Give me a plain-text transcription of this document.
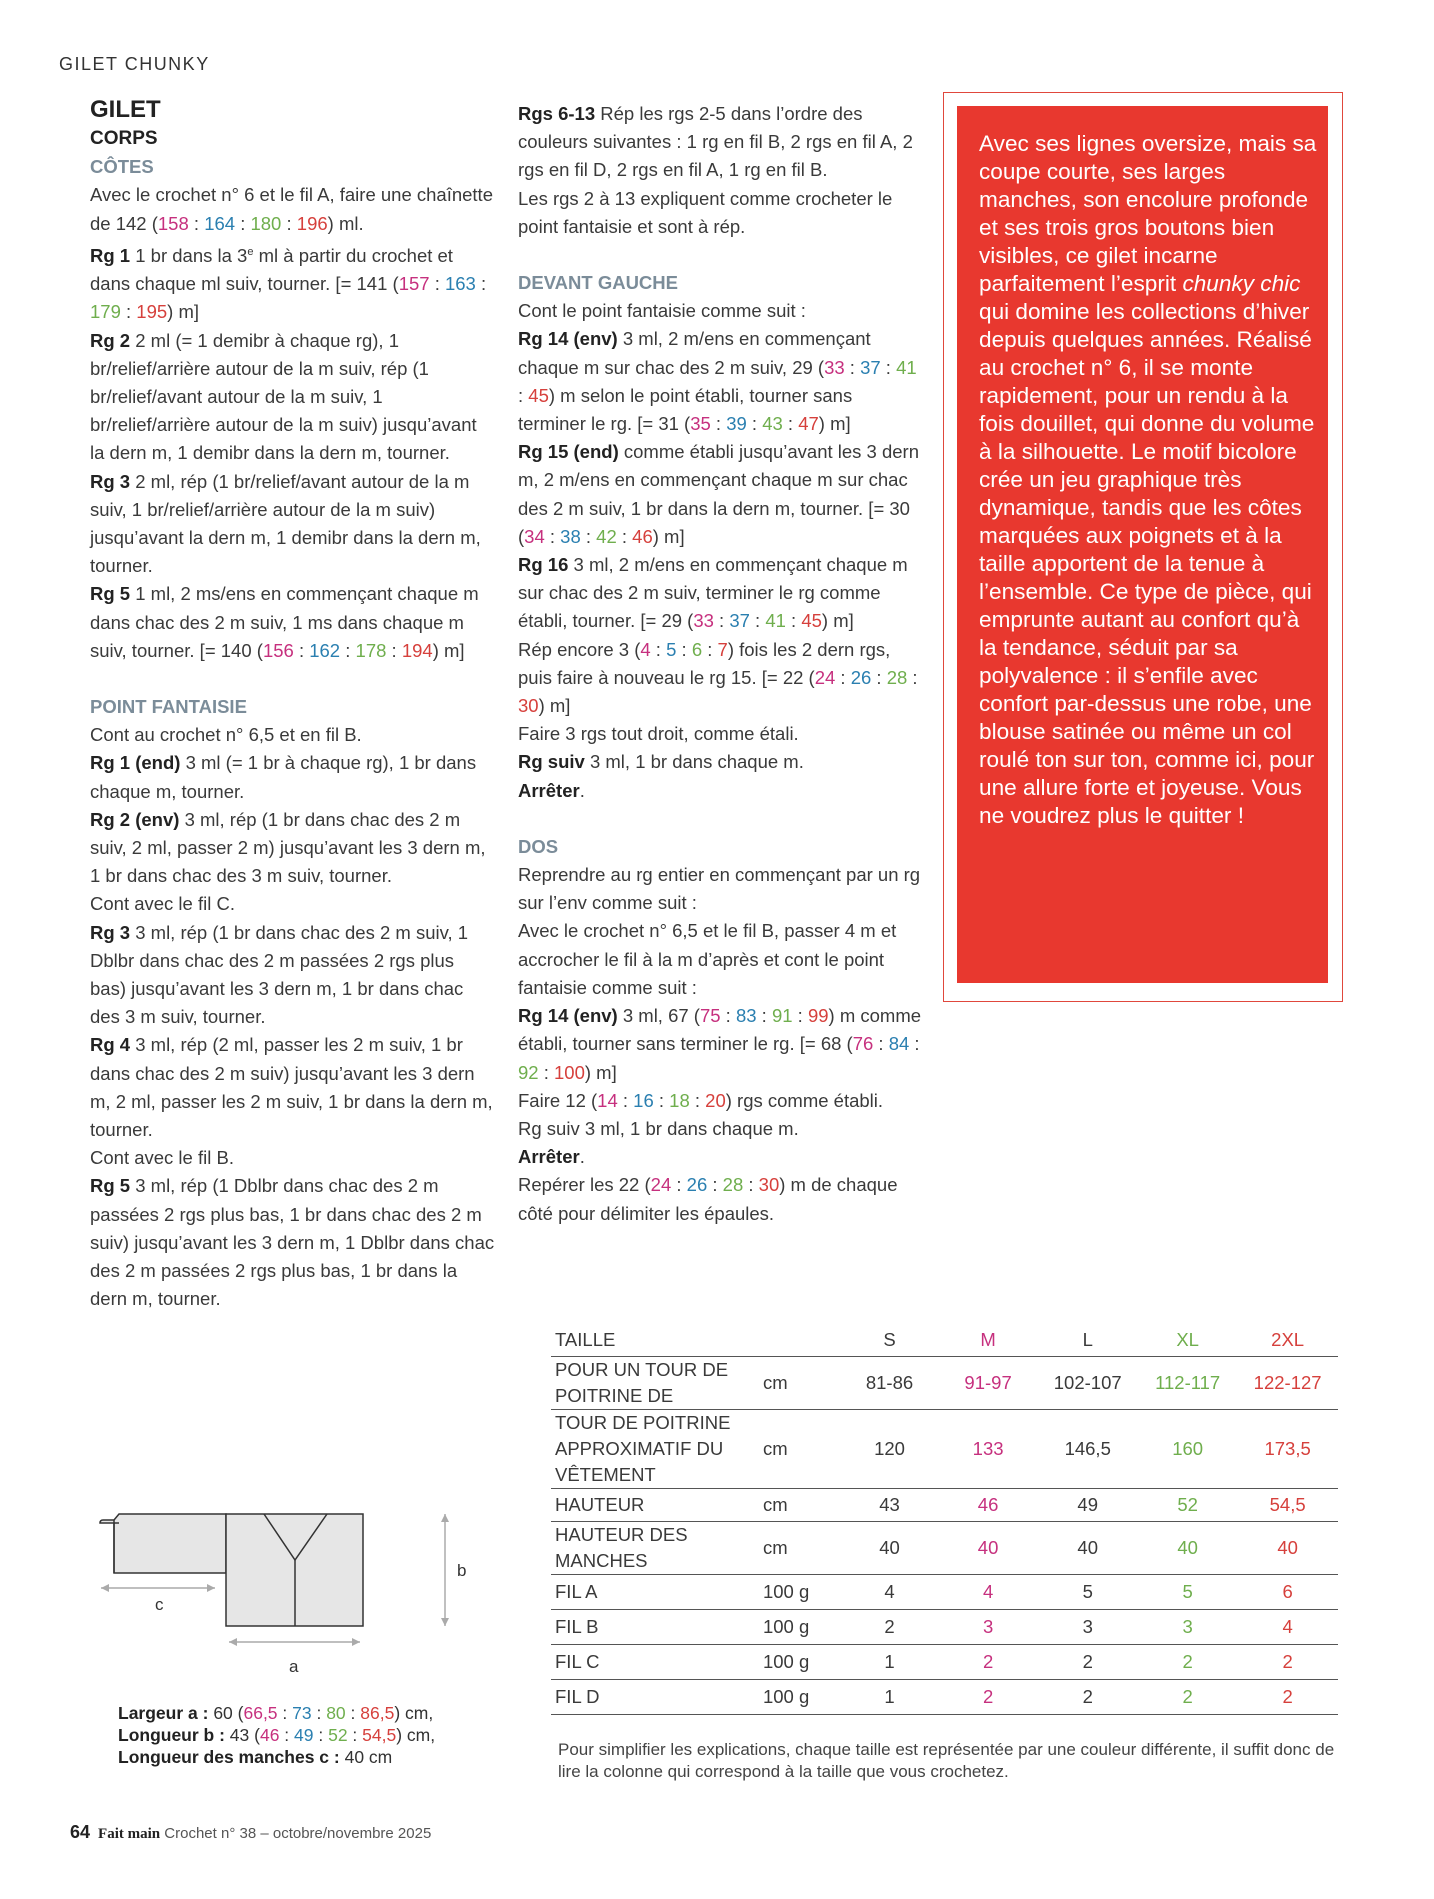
GILET CHUNKY

GILET

CORPS

CÔTES

Avec le crochet n° 6 et le fil A, faire une chaînette de 142 (158 : 164 : 180 : 196) ml.

Rg 1 1 br dans la 3e ml à partir du crochet et dans chaque ml suiv, tourner. [= 141 (157 : 163 : 179 : 195) m]

Rg 2 2 ml (= 1 demibr à chaque rg), 1 br/relief/arrière autour de la m suiv, rép (1 br/relief/avant autour de la m suiv, 1 br/relief/arrière autour de la m suiv) jusqu’avant la dern m, 1 demibr dans la dern m, tourner.

Rg 3 2 ml, rép (1 br/relief/avant autour de la m suiv, 1 br/relief/arrière autour de la m suiv) jusqu’avant la dern m, 1 demibr dans la dern m, tourner.

Rg 5 1 ml, 2 ms/ens en commençant chaque m dans chac des 2 m suiv, 1 ms dans chaque m suiv, tourner. [= 140 (156 : 162 : 178 : 194) m]

POINT FANTAISIE

Cont au crochet n° 6,5 et en fil B.

Rg 1 (end) 3 ml (= 1 br à chaque rg), 1 br dans chaque m, tourner.

Rg 2 (env) 3 ml, rép (1 br dans chac des 2 m suiv, 2 ml, passer 2 m) jusqu’avant les 3 dern m, 1 br dans chac des 3 m suiv, tourner.

Cont avec le fil C.

Rg 3 3 ml, rép (1 br dans chac des 2 m suiv, 1 Dblbr dans chac des 2 m passées 2 rgs plus bas) jusqu’avant les 3 dern m, 1 br dans chac des 3 m suiv, tourner.

Rg 4 3 ml, rép (2 ml, passer les 2 m suiv, 1 br dans chac des 2 m suiv) jusqu’avant les 3 dern m, 2 ml, passer les 2 m suiv, 1 br dans la dern m, tourner.

Cont avec le fil B.

Rg 5 3 ml, rép (1 Dblbr dans chac des 2 m passées 2 rgs plus bas, 1 br dans chac des 2 m suiv) jusqu’avant les 3 dern m, 1 Dblbr dans chac des 2 m passées 2 rgs plus bas, 1 br dans la dern m, tourner.

Rgs 6-13 Rép les rgs 2-5 dans l’ordre des couleurs suivantes : 1 rg en fil B, 2 rgs en fil A, 2 rgs en fil D, 2 rgs en fil A, 1 rg en fil B.

Les rgs 2 à 13 expliquent comme crocheter le point fantaisie et sont à rép.

DEVANT GAUCHE

Cont le point fantaisie comme suit :

Rg 14 (env) 3 ml, 2 m/ens en commençant chaque m sur chac des 2 m suiv, 29 (33 : 37 : 41 : 45) m selon le point établi, tourner sans terminer le rg. [= 31 (35 : 39 : 43 : 47) m]

Rg 15 (end) comme établi jusqu’avant les 3 dern m, 2 m/ens en commençant chaque m sur chac des 2 m suiv, 1 br dans la dern m, tourner. [= 30 (34 : 38 : 42 : 46) m]

Rg 16 3 ml, 2 m/ens en commençant chaque m sur chac des 2 m suiv, terminer le rg comme établi, tourner. [= 29 (33 : 37 : 41 : 45) m]

Rép encore 3 (4 : 5 : 6 : 7) fois les 2 dern rgs, puis faire à nouveau le rg 15. [= 22 (24 : 26 : 28 : 30) m]

Faire 3 rgs tout droit, comme étali.

Rg suiv 3 ml, 1 br dans chaque m.

Arrêter.

DOS

Reprendre au rg entier en commençant par un rg sur l’env comme suit :

Avec le crochet n° 6,5 et le fil B, passer 4 m et accrocher le fil à la m d’après et cont le point fantaisie comme suit :

Rg 14 (env) 3 ml, 67 (75 : 83 : 91 : 99) m comme établi, tourner sans terminer le rg. [= 68 (76 : 84 : 92 : 100) m]

Faire 12 (14 : 16 : 18 : 20) rgs comme établi.

Rg suiv 3 ml, 1 br dans chaque m.

Arrêter.

Repérer les 22 (24 : 26 : 28 : 30) m de chaque côté pour délimiter les épaules.

Avec ses lignes oversize, mais sa coupe courte, ses larges manches, son encolure profonde et ses trois gros boutons bien visibles, ce gilet incarne parfaitement l’esprit chunky chic qui domine les collections d’hiver depuis quelques années. Réalisé au crochet n° 6, il se monte rapidement, pour un rendu à la fois douillet, qui donne du volume à la silhouette. Le motif bicolore crée un jeu graphique très dynamique, tandis que les côtes marquées aux poignets et à la taille apportent de la tenue à l’ensemble. Ce type de pièce, qui emprunte autant au confort qu’à la tendance, séduit par sa polyvalence : il s’enfile avec confort par-dessus une robe, une blouse satinée ou même un col roulé ton sur ton, comme ici, pour une allure forte et joyeuse. Vous ne voudrez plus le quitter !

c
a
b
Largeur a : 60 (66,5 : 73 : 80 : 86,5) cm,
Longueur b : 43 (46 : 49 : 52 : 54,5) cm,
Longueur des manches c : 40 cm
TAILLE		S	M	L	XL	2XL
POUR UN TOUR DE POITRINE DE	cm	81-86	91-97	102-107	112-117	122-127
TOUR DE POITRINE APPROXIMATIF DU VÊTEMENT	cm	120	133	146,5	160	173,5
HAUTEUR	cm	43	46	49	52	54,5
HAUTEUR DES MANCHES	cm	40	40	40	40	40
FIL A	100 g	4	4	5	5	6
FIL B	100 g	2	3	3	3	4
FIL C	100 g	1	2	2	2	2
FIL D	100 g	1	2	2	2	2
Pour simplifier les explications, chaque taille est représentée par une couleur différente, il suffit donc de lire la colonne qui correspond à la taille que vous crochetez.
64 Fait main Crochet n° 38 – octobre/novembre 2025
